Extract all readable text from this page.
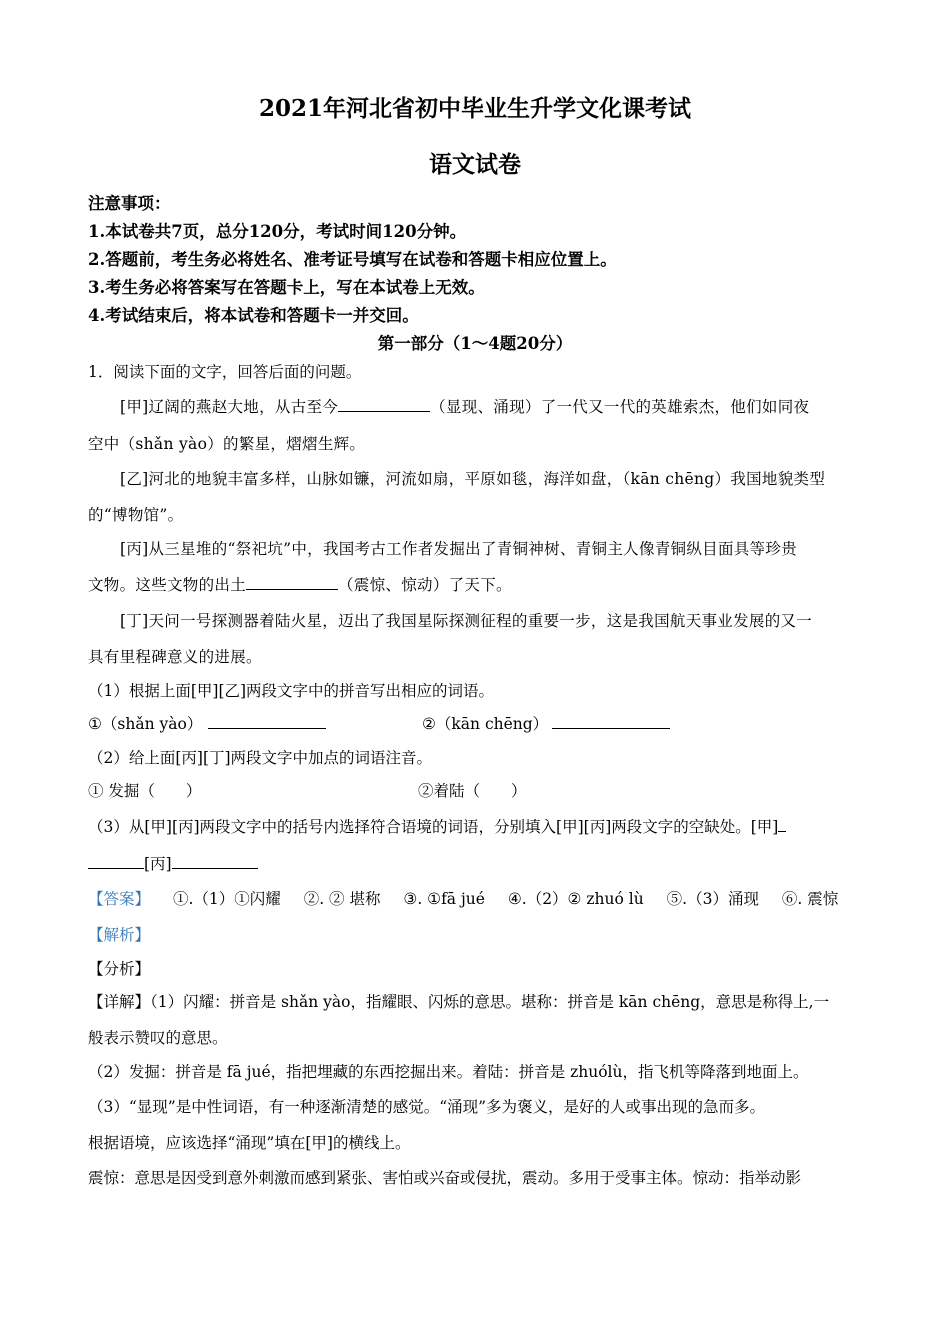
2021年河北省初中毕业生升学文化课考试
语文试卷
注意事项：
1.本试卷共7页，总分120分，考试时间120分钟。
2.答题前，考生务必将姓名、准考证号填写在试卷和答题卡相应位置上。
3.考生务必将答案写在答题卡上，写在本试卷上无效。
4.考试结束后，将本试卷和答题卡一并交回。
第一部分（1～4题20分）
1．阅读下面的文字，回答后面的问题。
[甲]辽阔的燕赵大地，从古至今	（显现、涌现）了一代又一代的英雄索杰，他们如同夜
空中（shǎn yào）的繁星，熠熠生辉。
[乙]河北的地貌丰富多样，山脉如镰，河流如扇，平原如毯，海洋如盘，（kān chēng）我国地貌类型
的“博物馆”。
[丙]从三星堆的“祭祀坑”中，我国考古工作者发掘出了青铜神树、青铜主人像青铜纵目面具等珍贵
文物。这些文物的出土	（震惊、惊动）了天下。
[丁]天问一号探测器着陆火星，迈出了我国星际探测征程的重要一步，这是我国航天事业发展的又一
具有里程碑意义的进展。
（1）根据上面[甲][乙]两段文字中的拼音写出相应的词语。
①（shǎn yào）	②（kān chēng）
（2）给上面[丙][丁]两段文字中加点的词语注音。
① 发掘（　　）	②着陆（　　）
（3）从[甲][丙]两段文字中的括号内选择符合语境的词语，分别填入[甲][丙]两段文字的空缺处。[甲]
[丙]
【答案】 ①.（1）①闪耀 ②. ② 堪称 ③. ①fā jué ④.（2）② zhuó lù ⑤.（3）涌现 ⑥. 震惊
【解析】
【分析】
【详解】（1）闪耀：拼音是 shǎn yào，指耀眼、闪烁的意思。堪称：拼音是 kān chēng，意思是称得上,一
般表示赞叹的意思。
（2）发掘：拼音是 fā jué，指把埋藏的东西挖掘出来。着陆：拼音是 zhuólù，指飞机等降落到地面上。
（3）“显现”是中性词语，有一种逐渐清楚的感觉。“涌现”多为褒义，是好的人或事出现的急而多。
根据语境，应该选择“涌现”填在[甲]的横线上。
震惊：意思是因受到意外刺激而感到紧张、害怕或兴奋或侵扰，震动。多用于受事主体。惊动：指举动影
